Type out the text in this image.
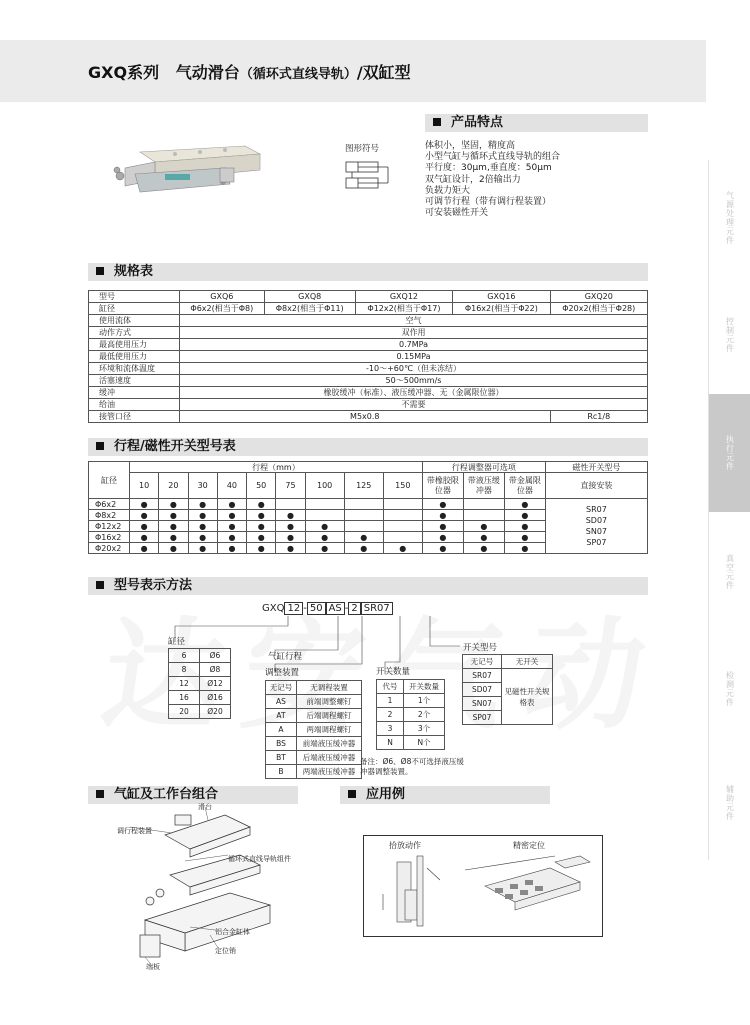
GXQ系列 气动滑台（循环式直线导轨）/双缸型
气源处理元件
控制元件
执行元件
真空元件
检测元件
辅助元件
图形符号
产品特点
体积小，坚固，精度高
小型气缸与循环式直线导轨的组合
平行度：30μm,垂直度：50μm
双气缸设计，2倍输出力
负载力矩大
可调节行程（带有调行程装置）
可安装磁性开关
规格表
型号	GXQ6	GXQ8	GXQ12	GXQ16	GXQ20
缸径	Φ6x2(相当于Φ8)	Φ8x2(相当于Φ11)	Φ12x2(相当于Φ17)	Φ16x2(相当于Φ22)	Φ20x2(相当于Φ28)
使用流体	空气				
动作方式	双作用				
最高使用压力	0.7MPa				
最低使用压力	0.15MPa				
环境和流体温度	-10～+60℃（但未冻结）				
活塞速度	50～500mm/s				
缓冲	橡胶缓冲（标准）、液压缓冲器、无（金属限位器）				
给油	不需要				
接管口径	M5x0.8				Rc1/8
行程/磁性开关型号表
缸径	行程（mm）									行程调整器可选项			磁性开关型号
	10	20	30	40	50	75	100	125	150	带橡胶限位器	带液压缓冲器	带金属限位器	直接安装
Φ6x2	●	●	●	●	●					●		●	SR07
SD07
SN07
SP07

Φ8x2	●	●	●	●	●	●				●		●	
Φ12x2	●	●	●	●	●	●	●			●	●	●	
Φ16x2	●	●	●	●	●	●	●	●		●	●	●	
Φ20x2	●	●	●	●	●	●	●	●	●	●	●	●	
型号表示方法
GXQ 12 - 50 AS - 2 SR07
缸径
6	Ø6
8	Ø8
12	Ø12
16	Ø16
20	Ø20
气缸行程
调整装置
无记号	无调程装置
AS	前端调整螺钉
AT	后端调程螺钉
A	两端调程螺钉
BS	前端液压缓冲器
BT	后端液压缓冲器
B	两端液压缓冲器
开关数量
代号	开关数量
1	1个
2	2个
3	3个
N	N个
备注：Ø6、Ø8不可选择液压缓冲器调整装置。
开关型号
无记号	无开关
SR07	见磁性开关规格表
SD07	
SN07	
SP07	
气缸及工作台组合
滑台
调行程装置
循环式直线导轨组件
铝合金缸体
定位销
端板
应用例
拾放动作	精密定位
